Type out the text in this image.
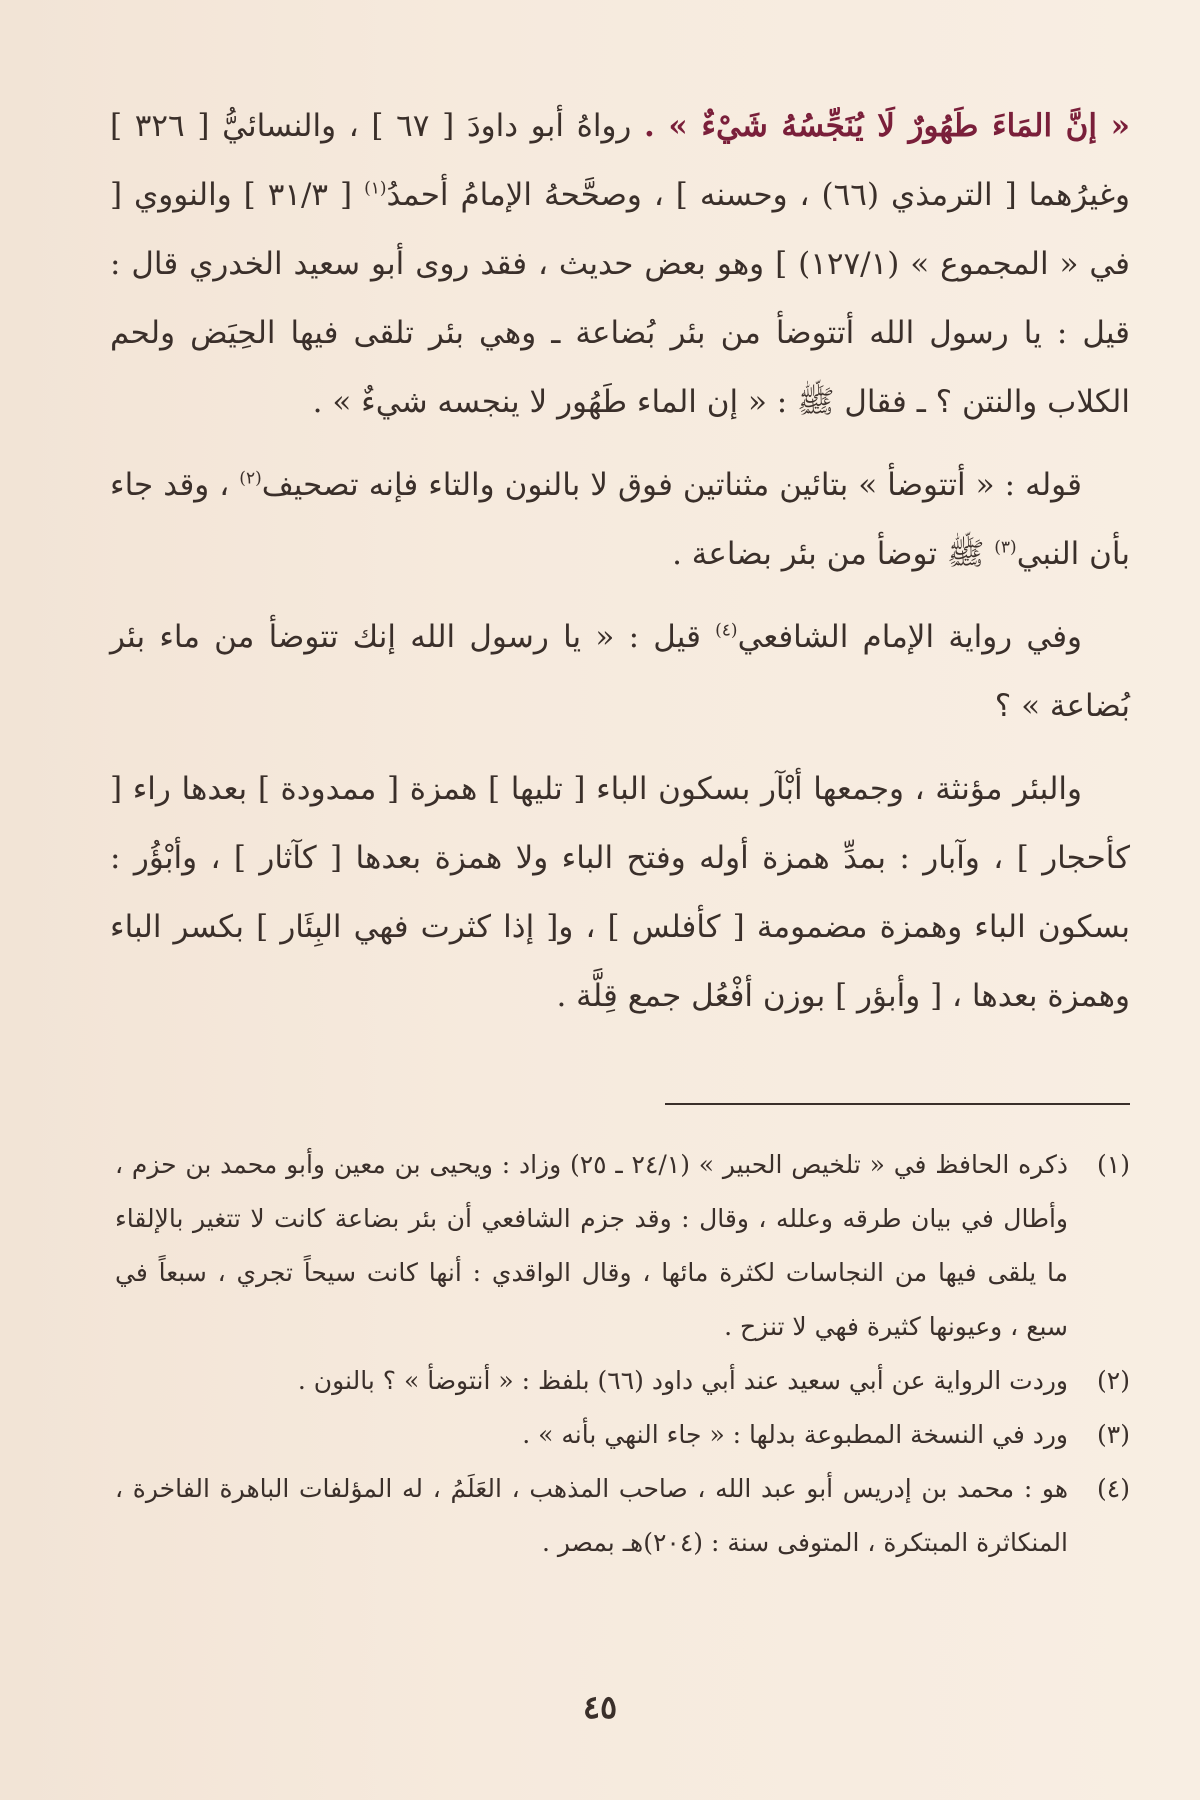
« إنَّ المَاءَ طَهُورٌ لَا يُنَجِّسُهُ شَيْءٌ » . رواهُ أبو داودَ [ ٦٧ ] ، والنسائيُّ [ ٣٢٦ ] وغيرُهما [ الترمذي (٦٦) ، وحسنه ] ، وصحَّحهُ الإمامُ أحمدُ$^{(١)}$ [ ٣١/٣ ] والنووي [ في « المجموع » (١٢٧/١) ] وهو بعض حديث ، فقد روى أبو سعيد الخدري قال : قيل : يا رسول الله أتتوضأ من بئر بُضاعة ـ وهي بئر تلقى فيها الحِيَض ولحم الكلاب والنتن ؟ ـ فقال ﷺ : « إن الماء طَهُور لا ينجسه شيءٌ » .

قوله : « أتتوضأ » بتائين مثناتين فوق لا بالنون والتاء فإنه تصحيف$^{(٢)}$ ، وقد جاء بأن النبي$^{(٣)}$ ﷺ توضأ من بئر بضاعة .

وفي رواية الإمام الشافعي$^{(٤)}$ قيل : « يا رسول الله إنك تتوضأ من ماء بئر بُضاعة » ؟

والبئر مؤنثة ، وجمعها أبْآر بسكون الباء [ تليها ] همزة [ ممدودة ] بعدها راء [ كأحجار ] ، وآبار : بمدِّ همزة أوله وفتح الباء ولا همزة بعدها [ كآثار ] ، وأبْؤُر : بسكون الباء وهمزة مضمومة [ كأفلس ] ، و[ إذا كثرت فهي البِئَار ] بكسر الباء وهمزة بعدها ، [ وأبؤر ] بوزن أفْعُل جمع قِلَّة .

(١)
ذكره الحافظ في « تلخيص الحبير » (٢٤/١ ـ ٢٥) وزاد : ويحيى بن معين وأبو محمد بن حزم ، وأطال في بيان طرقه وعلله ، وقال : وقد جزم الشافعي أن بئر بضاعة كانت لا تتغير بالإلقاء ما يلقى فيها من النجاسات لكثرة مائها ، وقال الواقدي : أنها كانت سيحاً تجري ، سبعاً في سبع ، وعيونها كثيرة فهي لا تنزح .
(٢)
وردت الرواية عن أبي سعيد عند أبي داود (٦٦) بلفظ : « أنتوضأ » ؟ بالنون .
(٣)
ورد في النسخة المطبوعة بدلها : « جاء النهي بأنه » .
(٤)
هو : محمد بن إدريس أبو عبد الله ، صاحب المذهب ، العَلَمُ ، له المؤلفات الباهرة الفاخرة ، المنكاثرة المبتكرة ، المتوفى سنة : (٢٠٤)هـ بمصر .
٤٥
